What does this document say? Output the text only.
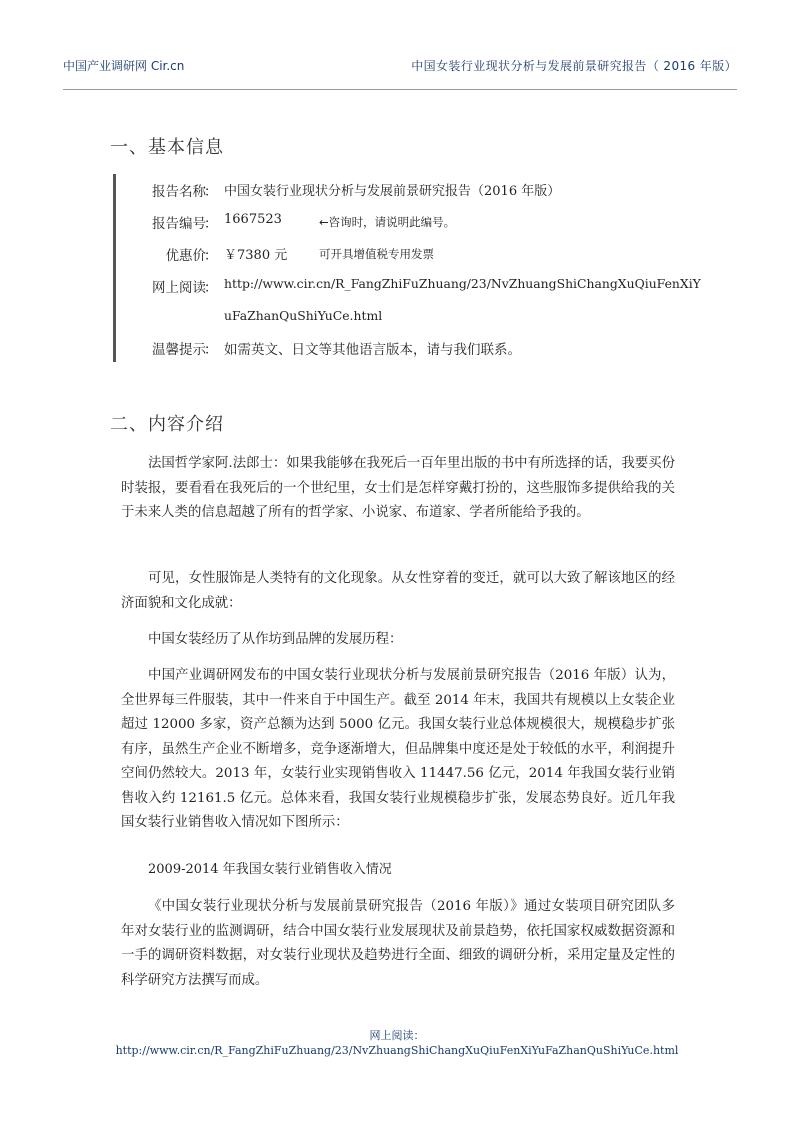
中国产业调研网 Cir.cn	中国女装行业现状分析与发展前景研究报告（ 2016 年版）
一、基本信息
报告名称
： 中国女装行业现状分析与发展前景研究报告（2016 年版）
报告编号
： 1667523	←咨询时，请说明此编号。
优惠价
： ￥7380 元	可开具增值税专用发票
网上阅读
： http://www.cir.cn/R_FangZhiFuZhuang/23/NvZhuangShiChangXuQiuFenXiY
uFaZhanQuShiYuCe.html
温馨提示
： 如需英文、日文等其他语言版本，请与我们联系。
二、内容介绍

法国哲学家阿.法郎士：如果我能够在我死后一百年里出版的书中有所选择的话，我要买份时装报，要看看在我死后的一个世纪里，女士们是怎样穿戴打扮的，这些服饰多提供给我的关于未来人类的信息超越了所有的哲学家、小说家、布道家、学者所能给予我的。

可见，女性服饰是人类特有的文化现象。从女性穿着的变迁，就可以大致了解该地区的经济面貌和文化成就：

中国女装经历了从作坊到品牌的发展历程：

中国产业调研网发布的中国女装行业现状分析与发展前景研究报告（2016 年版）认为，全世界每三件服装，其中一件来自于中国生产。截至 2014 年末，我国共有规模以上女装企业超过 12000 多家，资产总额为达到 5000 亿元。我国女装行业总体规模很大，规模稳步扩张有序，虽然生产企业不断增多，竞争逐渐增大，但品牌集中度还是处于较低的水平，利润提升空间仍然较大。2013 年，女装行业实现销售收入 11447.56 亿元，2014 年我国女装行业销售收入约 12161.5 亿元。总体来看，我国女装行业规模稳步扩张，发展态势良好。近几年我国女装行业销售收入情况如下图所示：

2009-2014 年我国女装行业销售收入情况

《中国女装行业现状分析与发展前景研究报告（2016 年版）》通过女装项目研究团队多年对女装行业的监测调研，结合中国女装行业发展现状及前景趋势，依托国家权威数据资源和一手的调研资料数据，对女装行业现状及趋势进行全面、细致的调研分析，采用定量及定性的科学研究方法撰写而成。

网上阅读：
http://www.cir.cn/R_FangZhiFuZhuang/23/NvZhuangShiChangXuQiuFenXiYuFaZhanQuShiYuCe.html
